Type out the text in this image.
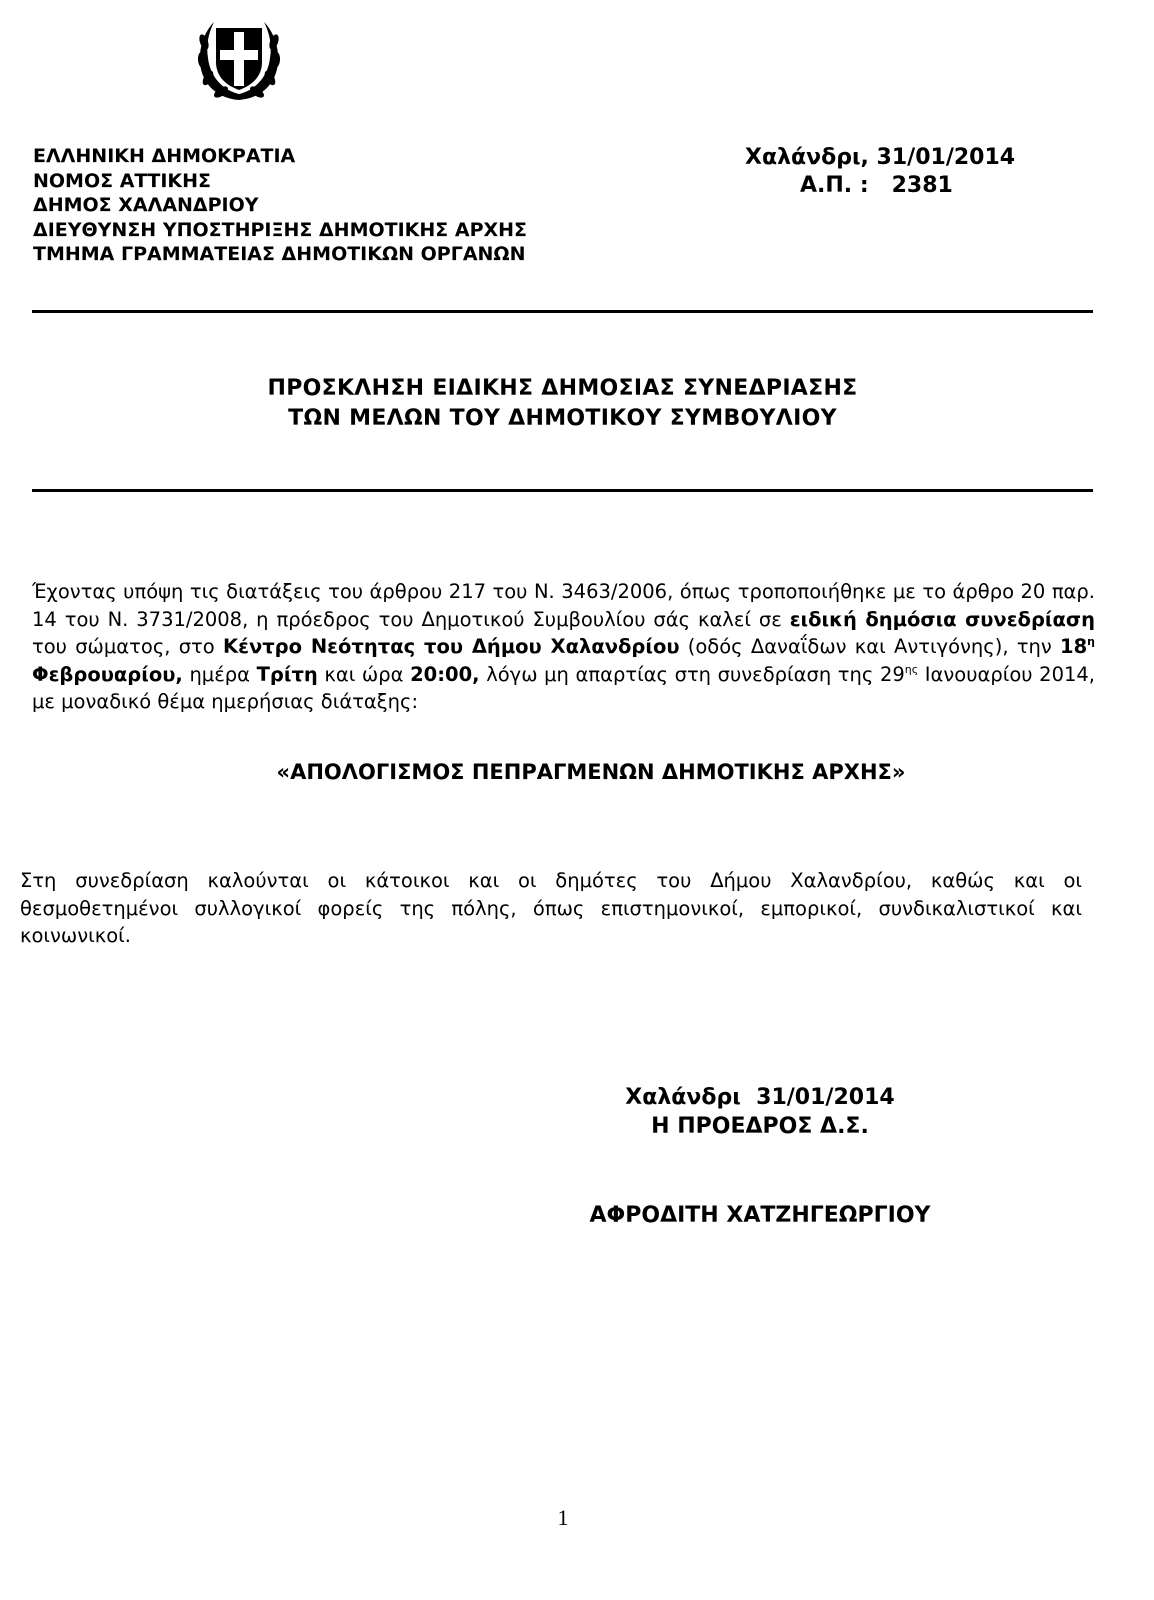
ΕΛΛΗΝΙΚΗ ΔΗΜΟΚΡΑΤΙΑ
ΝΟΜΟΣ ΑΤΤΙΚΗΣ
ΔΗΜΟΣ ΧΑΛΑΝΔΡΙΟΥ
ΔΙΕΥΘΥΝΣΗ ΥΠΟΣΤΗΡΙΞΗΣ ΔΗΜΟΤΙΚΗΣ ΑΡΧΗΣ
ΤΜΗΜΑ ΓΡΑΜΜΑΤΕΙΑΣ ΔΗΜΟΤΙΚΩΝ ΟΡΓΑΝΩΝ
Χαλάνδρι, 31/01/2014
Α.Π. :   2381
ΠΡΟΣΚΛΗΣΗ ΕΙΔΙΚΗΣ ΔΗΜΟΣΙΑΣ ΣΥΝΕΔΡΙΑΣΗΣ
ΤΩΝ ΜΕΛΩΝ ΤΟΥ ΔΗΜΟΤΙΚΟΥ ΣΥΜΒΟΥΛΙΟΥ
Έχοντας υπόψη τις διατάξεις του άρθρου 217 του Ν. 3463/2006, όπως τροποποιήθηκε με το άρθρο 20 παρ. 14 του Ν. 3731/2008, η πρόεδρος του Δημοτικού Συμβουλίου σάς καλεί σε ειδική δημόσια συνεδρίαση του σώματος, στο Κέντρο Νεότητας του Δήμου Χαλανδρίου (οδός Δαναΐδων και Αντιγόνης), την $18^\eta$ Φεβρουαρίου, ημέρα Τρίτη και ώρα 20:00, λόγω μη απαρτίας στη συνεδρίαση της $29^{\eta\varsigma}$ Ιανουαρίου 2014, με μοναδικό θέμα ημερήσιας διάταξης:
«ΑΠΟΛΟΓΙΣΜΟΣ ΠΕΠΡΑΓΜΕΝΩΝ ΔΗΜΟΤΙΚΗΣ ΑΡΧΗΣ»
Στη συνεδρίαση καλούνται οι κάτοικοι και οι δημότες του Δήμου Χαλανδρίου, καθώς και οι θεσμοθετημένοι συλλογικοί φορείς της πόλης, όπως επιστημονικοί, εμπορικοί, συνδικαλιστικοί και κοινωνικοί.
Χαλάνδρι  31/01/2014
Η ΠΡΟΕΔΡΟΣ Δ.Σ.
ΑΦΡΟΔΙΤΗ ΧΑΤΖΗΓΕΩΡΓΙΟΥ
1
